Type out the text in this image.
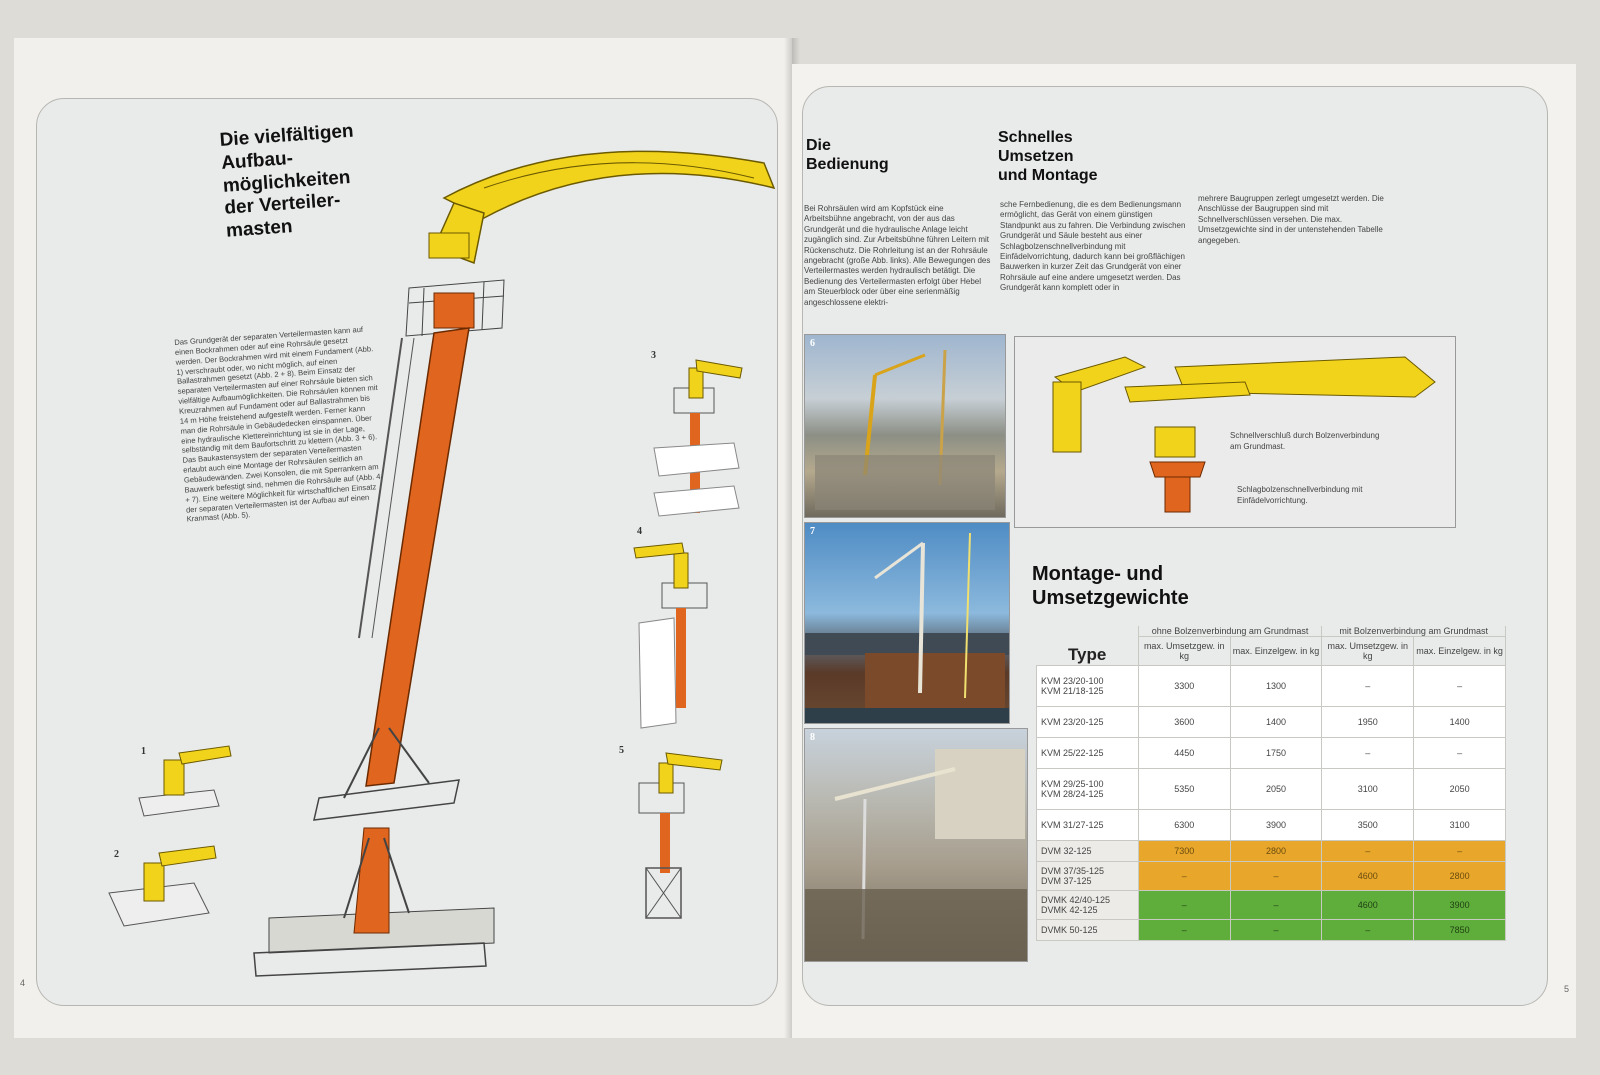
Die vielfältigen
Aufbau-
möglichkeiten
der Verteiler-
masten
Das Grundgerät der separaten Verteilermasten kann auf einen Bockrahmen oder auf eine Rohrsäule gesetzt werden. Der Bockrahmen wird mit einem Fundament (Abb. 1) verschraubt oder, wo nicht möglich, auf einen Ballastrahmen gesetzt (Abb. 2 + 8). Beim Einsatz der separaten Verteilermasten auf einer Rohrsäule bieten sich vielfältige Aufbaumöglichkeiten. Die Rohrsäulen können mit Kreuzrahmen auf Fundament oder auf Ballastrahmen bis 14 m Höhe freistehend aufgestellt werden. Ferner kann man die Rohrsäule in Gebäudedecken einspannen. Über eine hydraulische Klettereinrichtung ist sie in der Lage, selbständig mit dem Baufortschritt zu klettern (Abb. 3 + 6). Das Baukastensystem der separaten Verteilermasten erlaubt auch eine Montage der Rohrsäulen seitlich an Gebäudewänden. Zwei Konsolen, die mit Sperrankern am Bauwerk befestigt sind, nehmen die Rohrsäule auf (Abb. 4 + 7). Eine weitere Möglichkeit für wirtschaftlichen Einsatz der separaten Verteilermasten ist der Aufbau auf einen Kranmast (Abb. 5).
1
2
3
4
5
4
Die
Bedienung
Schnelles
Umsetzen
und Montage
Bei Rohrsäulen wird am Kopfstück eine Arbeitsbühne angebracht, von der aus das Grundgerät und die hydraulische Anlage leicht zugänglich sind. Zur Arbeitsbühne führen Leitern mit Rückenschutz. Die Rohrleitung ist an der Rohrsäule angebracht (große Abb. links). Alle Bewegungen des Verteilermastes werden hydraulisch betätigt. Die Bedienung des Verteilermasten erfolgt über Hebel am Steuerblock oder über eine serienmäßig angeschlossene elektri-
sche Fernbedienung, die es dem Bedienungsmann ermöglicht, das Gerät von einem günstigen Standpunkt aus zu fahren. Die Verbindung zwischen Grundgerät und Säule besteht aus einer Schlagbolzenschnellverbindung mit Einfädelvorrichtung, dadurch kann bei großflächigen Bauwerken in kurzer Zeit das Grundgerät von einer Rohrsäule auf eine andere umgesetzt werden. Das Grundgerät kann komplett oder in
mehrere Baugruppen zerlegt umgesetzt werden. Die Anschlüsse der Baugruppen sind mit Schnellverschlüssen versehen. Die max. Umsetzgewichte sind in der untenstehenden Tabelle angegeben.
6
7
8
Schnellverschluß durch Bolzenverbindung am Grundmast.
Schlagbolzenschnellverbindung mit Einfädelvorrichtung.
Montage- und
Umsetzgewichte
Type	ohne Bolzenverbindung am Grundmast		mit Bolzenverbindung am Grundmast	
	max. Umsetzgew. in kg	max. Einzelgew. in kg	max. Umsetzgew. in kg	max. Einzelgew. in kg
KVM 23/20-100
KVM 21/18-125	3300	1300	–	–
KVM 23/20-125	3600	1400	1950	1400
KVM 25/22-125	4450	1750	–	–
KVM 29/25-100
KVM 28/24-125	5350	2050	3100	2050
KVM 31/27-125	6300	3900	3500	3100
DVM 32-125	7300	2800	–	–
DVM 37/35-125
DVM 37-125	–	–	4600	2800
DVMK 42/40-125
DVMK 42-125	–	–	4600	3900
DVMK 50-125	–	–	–	7850
5
